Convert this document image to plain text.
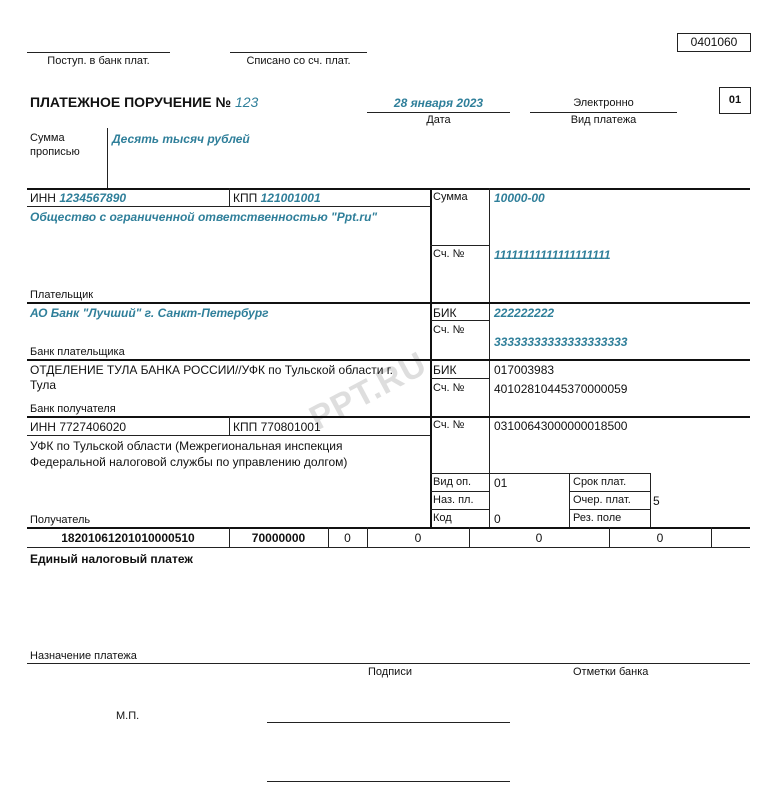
PPT.RU
0401060
Поступ. в банк плат.	Списано со сч. плат.
ПЛАТЕЖНОЕ ПОРУЧЕНИЕ № 123	28 января 2023
Дата
Электронно
Вид платежа
01
Сумма
прописью
Десять тысяч рублей
ИНН 1234567890	КПП 121001001
Общество с ограниченной ответственностью "Ppt.ru"
Плательщик
Сумма 10000-00
Сч. № 11111111111111111111
АО Банк "Лучший" г. Санкт-Петербург
Банк плательщика
БИК	222222222
Сч. №
33333333333333333333
ОТДЕЛЕНИЕ ТУЛА БАНКА РОССИИ//УФК по Тульской области г.
Тула
Банк получателя
БИК	017003983
Сч. № 40102810445370000059
ИНН 7727406020	КПП 770801001
УФК по Тульской области (Межрегиональная инспекция
Федеральной налоговой службы по управлению долгом)
Получатель
Сч. № 03100643000000018500
Вид оп. 01
Наз. пл.
Код	0
Срок плат.
Очер. плат. 5
Рез. поле
18201061201010000510	70000000	0	0	0	0
Единый налоговый платеж
Назначение платежа
Подписи	Отметки банка
М.П.
